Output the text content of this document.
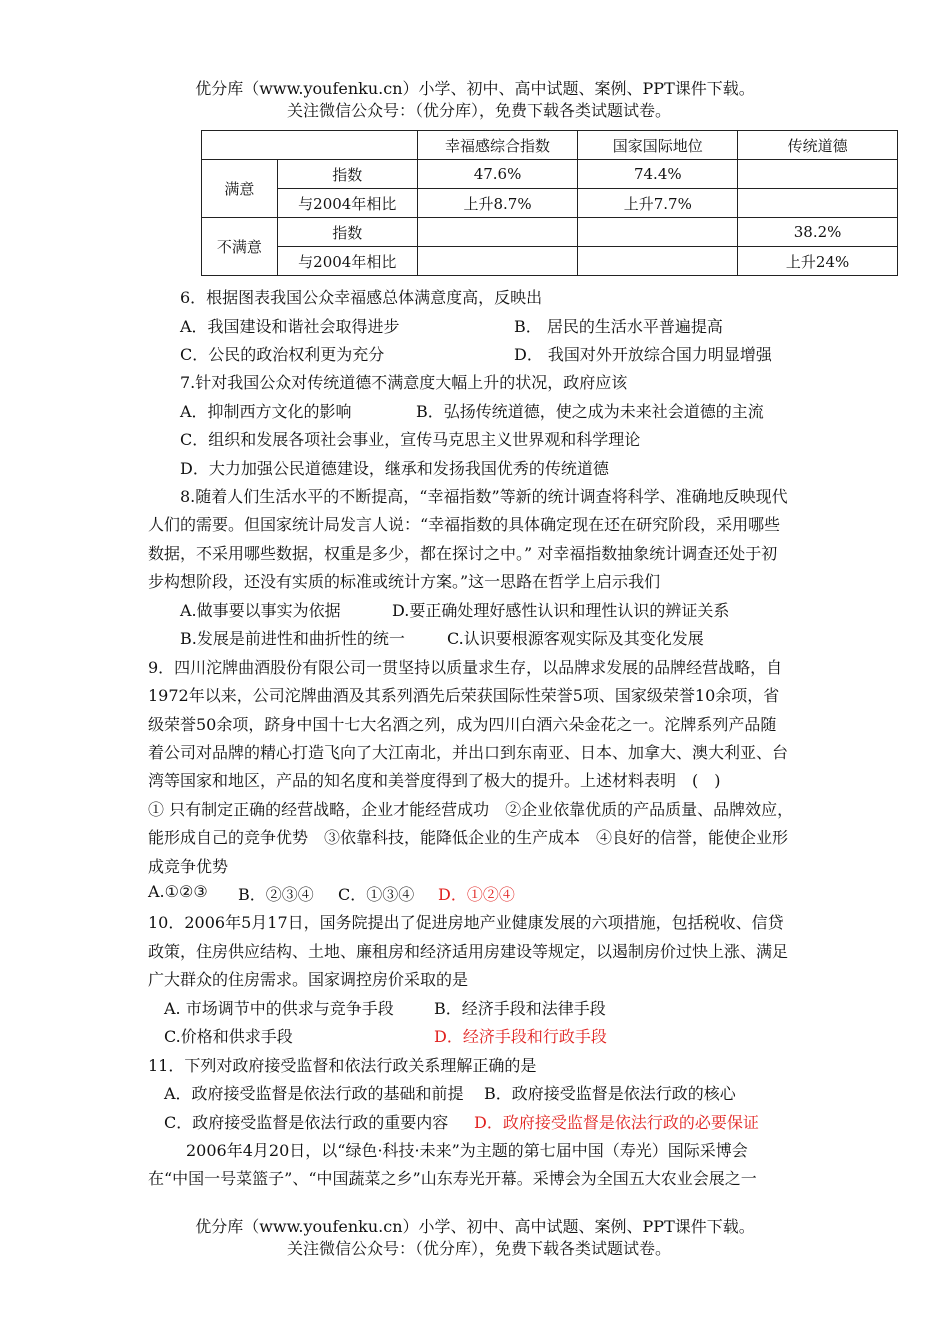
优分库（www.youfenku.cn）小学、初中、高中试题、案例、PPT课件下载。
关注微信公众号：（优分库），免费下载各类试题试卷。
		幸福感综合指数	国家国际地位	传统道德
满意	指数	47.6%	74.4%	
	与2004年相比	上升8.7%	上升7.7%	
不满意	指数			38.2%
	与2004年相比			上升24%
6．根据图表我国公众幸福感总体满意度高，反映出
A．我国建设和谐社会取得进步	B． 居民的生活水平普遍提高
C．公民的政治权利更为充分	D． 我国对外开放综合国力明显增强
7.针对我国公众对传统道德不满意度大幅上升的状况，政府应该
A．抑制西方文化的影响	B．弘扬传统道德，使之成为未来社会道德的主流
C．组织和发展各项社会事业，宣传马克思主义世界观和科学理论
D．大力加强公民道德建设，继承和发扬我国优秀的传统道德
8.随着人们生活水平的不断提高，“幸福指数”等新的统计调查将科学、准确地反映现代
人们的需要。但国家统计局发言人说：“幸福指数的具体确定现在还在研究阶段，采用哪些
数据，不采用哪些数据，权重是多少，都在探讨之中。” 对幸福指数抽象统计调查还处于初
步构想阶段，还没有实质的标准或统计方案。”这一思路在哲学上启示我们
A.做事要以事实为依据	D.要正确处理好感性认识和理性认识的辨证关系
B.发展是前进性和曲折性的统一	C.认识要根源客观实际及其变化发展
9．四川沱牌曲酒股份有限公司一贯坚持以质量求生存，以品牌求发展的品牌经营战略，自
1972年以来，公司沱牌曲酒及其系列酒先后荣获国际性荣誉5项、国家级荣誉10余项，省
级荣誉50余项，跻身中国十七大名酒之列，成为四川白酒六朵金花之一。沱牌系列产品随
着公司对品牌的精心打造飞向了大江南北，并出口到东南亚、日本、加拿大、澳大利亚、台
湾等国家和地区，产品的知名度和美誉度得到了极大的提升。上述材料表明　(　)
① 只有制定正确的经营战略，企业才能经营成功　②企业依靠优质的产品质量、品牌效应，
能形成自己的竞争优势　③依靠科技，能降低企业的生产成本　④良好的信誉，能使企业形
成竞争优势
A.①②③ B．②③④ C．①③④ D．①②④
10．2006年5月17日，国务院提出了促进房地产业健康发展的六项措施，包括税收、信贷
政策，住房供应结构、土地、廉租房和经济适用房建设等规定，以遏制房价过快上涨、满足
广大群众的住房需求。国家调控房价采取的是
A. 市场调节中的供求与竞争手段	B．经济手段和法律手段
C.价格和供求手段	D．经济手段和行政手段
11．下列对政府接受监督和依法行政关系理解正确的是
A．政府接受监督是依法行政的基础和前提 B．政府接受监督是依法行政的核心
C．政府接受监督是依法行政的重要内容 D．政府接受监督是依法行政的必要保证
2006年4月20日，以“绿色·科技·未来”为主题的第七届中国（寿光）国际采博会
在“中国一号菜篮子”、“中国蔬菜之乡”山东寿光开幕。采博会为全国五大农业会展之一
优分库（www.youfenku.cn）小学、初中、高中试题、案例、PPT课件下载。
关注微信公众号：（优分库），免费下载各类试题试卷。
